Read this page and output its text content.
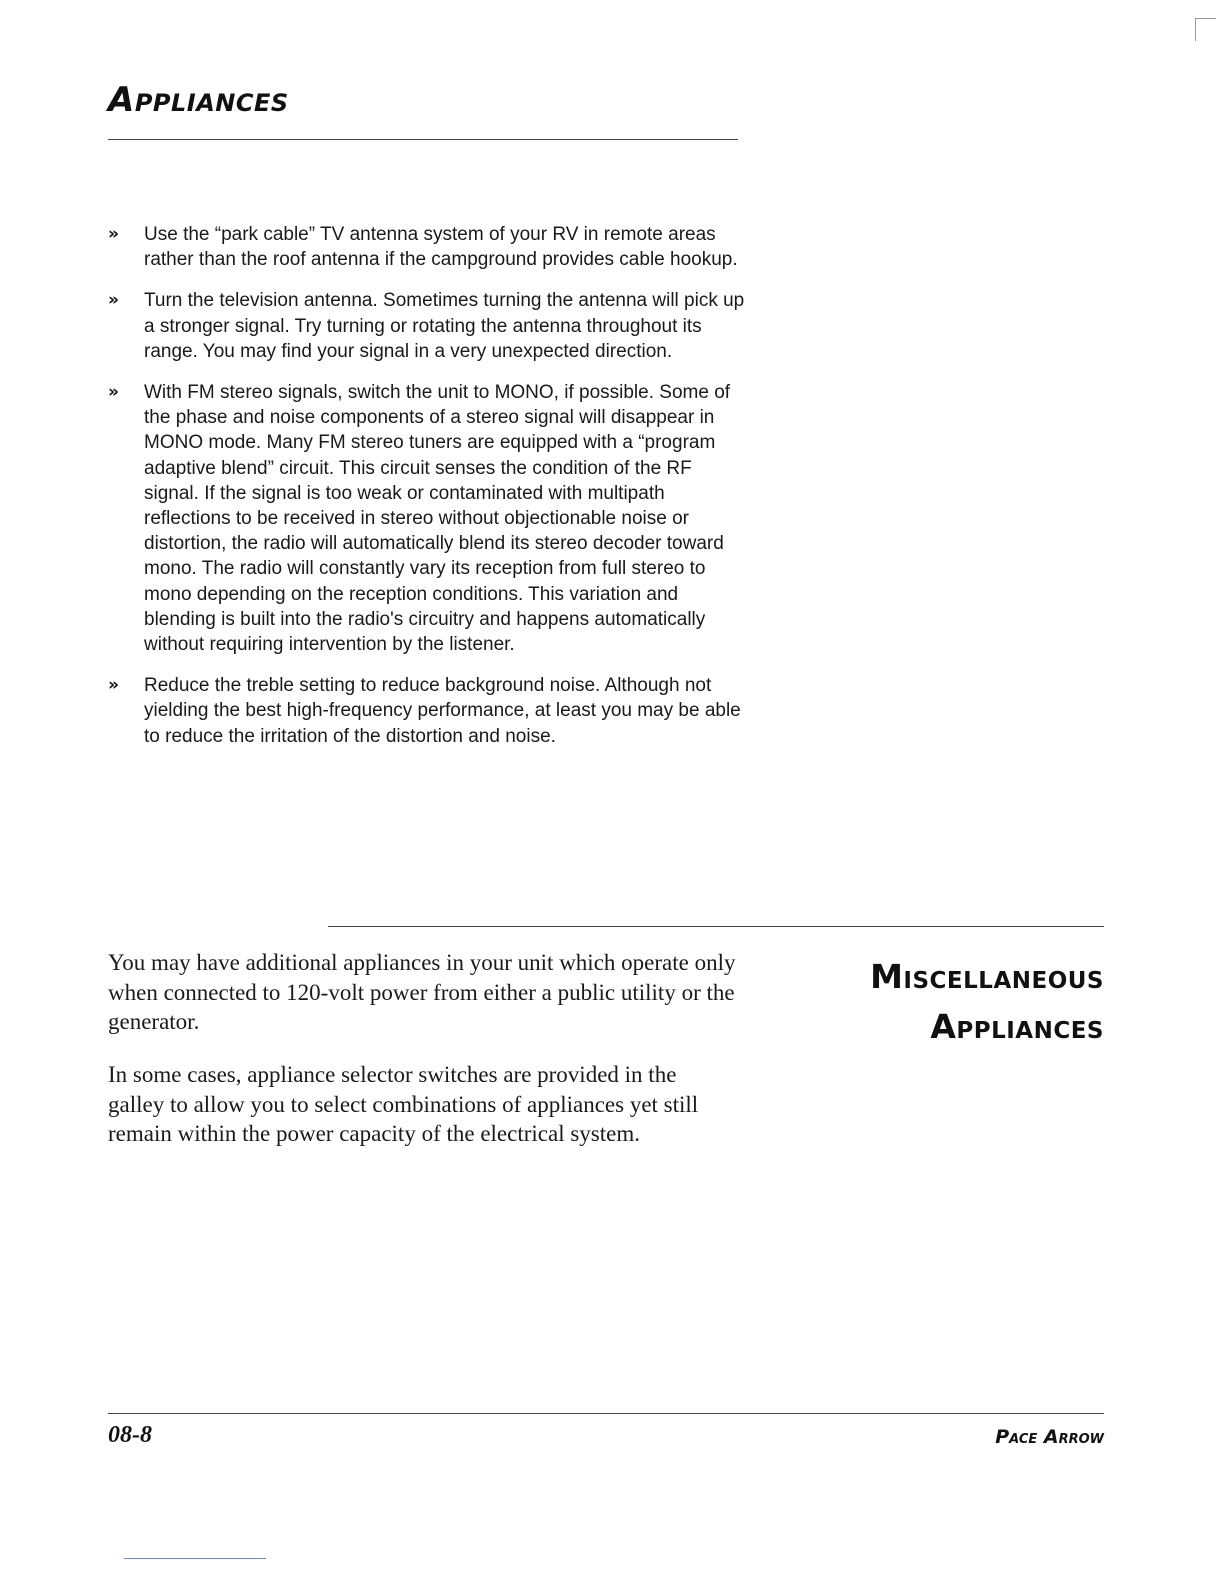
Appliances
» Use the “park cable” TV antenna system of your RV in remote areas rather than the roof antenna if the campground provides cable hookup.
» Turn the television antenna. Sometimes turning the antenna will pick up a stronger signal. Try turning or rotating the antenna throughout its range. You may find your signal in a very unexpected direction.
» With FM stereo signals, switch the unit to MONO, if possible. Some of the phase and noise components of a stereo signal will disappear in MONO mode. Many FM stereo tuners are equipped with a “program adaptive blend” circuit. This circuit senses the condition of the RF signal. If the signal is too weak or contaminated with multipath reflections to be received in stereo without objectionable noise or distortion, the radio will automatically blend its stereo decoder toward mono. The radio will constantly vary its reception from full stereo to mono depending on the reception conditions. This variation and blending is built into the radio's circuitry and happens automatically without requiring intervention by the listener.
» Reduce the treble setting to reduce background noise. Although not yielding the best high-frequency performance, at least you may be able to reduce the irritation of the distortion and noise.

You may have additional appliances in your unit which operate only when connected to 120-volt power from either a public utility or the generator.

In some cases, appliance selector switches are provided in the galley to allow you to select combinations of appliances yet still remain within the power capacity of the electrical system.

Miscellaneous
Appliances
08-8	Pace Arrow
